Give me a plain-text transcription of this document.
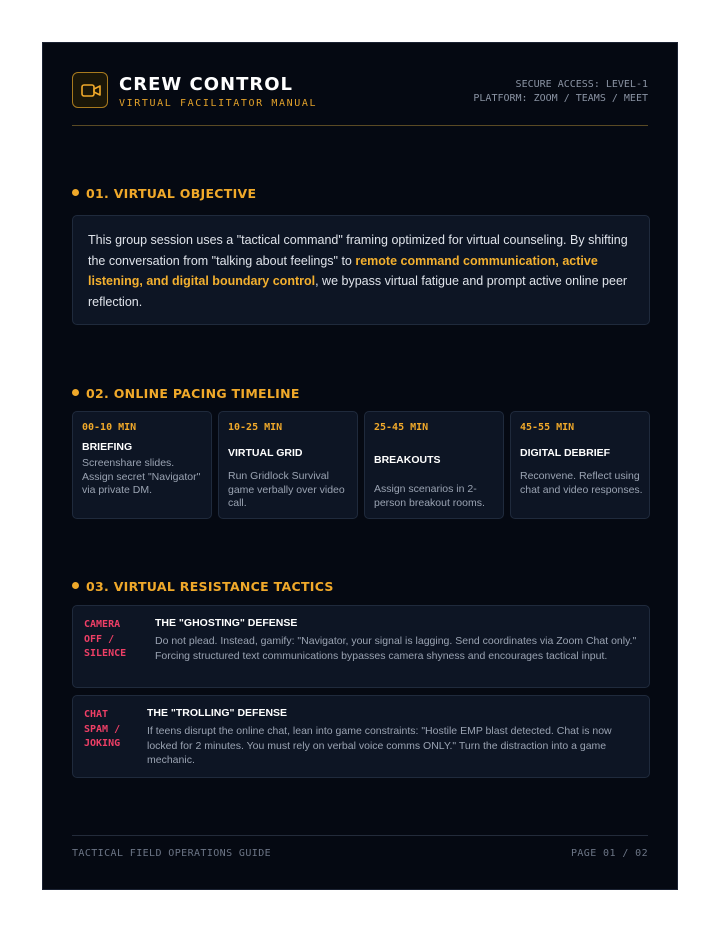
CREW CONTROL
VIRTUAL FACILITATOR MANUAL
SECURE ACCESS: LEVEL-1
PLATFORM: ZOOM / TEAMS / MEET
01. VIRTUAL OBJECTIVE

This group session uses a "tactical command" framing optimized for virtual counseling. By shifting the conversation from "talking about feelings" to remote command communication, active listening, and digital boundary control, we bypass virtual fatigue and prompt active online peer reflection.

02. ONLINE PACING TIMELINE
00-10 MIN
BRIEFING
Screenshare slides. Assign secret "Navigator" via private DM.
10-25 MIN
VIRTUAL GRID
Run Gridlock Survival game verbally over video call.
25-45 MIN
BREAKOUTS
Assign scenarios in 2-person breakout rooms.
45-55 MIN
DIGITAL DEBRIEF
Reconvene. Reflect using chat and video responses.
03. VIRTUAL RESISTANCE TACTICS
CAMERA OFF / SILENCE
THE "GHOSTING" DEFENSE
Do not plead. Instead, gamify: "Navigator, your signal is lagging. Send coordinates via Zoom Chat only." Forcing structured text communications bypasses camera shyness and encourages tactical input.
CHAT SPAM / JOKING
THE "TROLLING" DEFENSE
If teens disrupt the online chat, lean into game constraints: "Hostile EMP blast detected. Chat is now locked for 2 minutes. You must rely on verbal voice comms ONLY." Turn the distraction into a game mechanic.
TACTICAL FIELD OPERATIONS GUIDE	PAGE 01 / 02
